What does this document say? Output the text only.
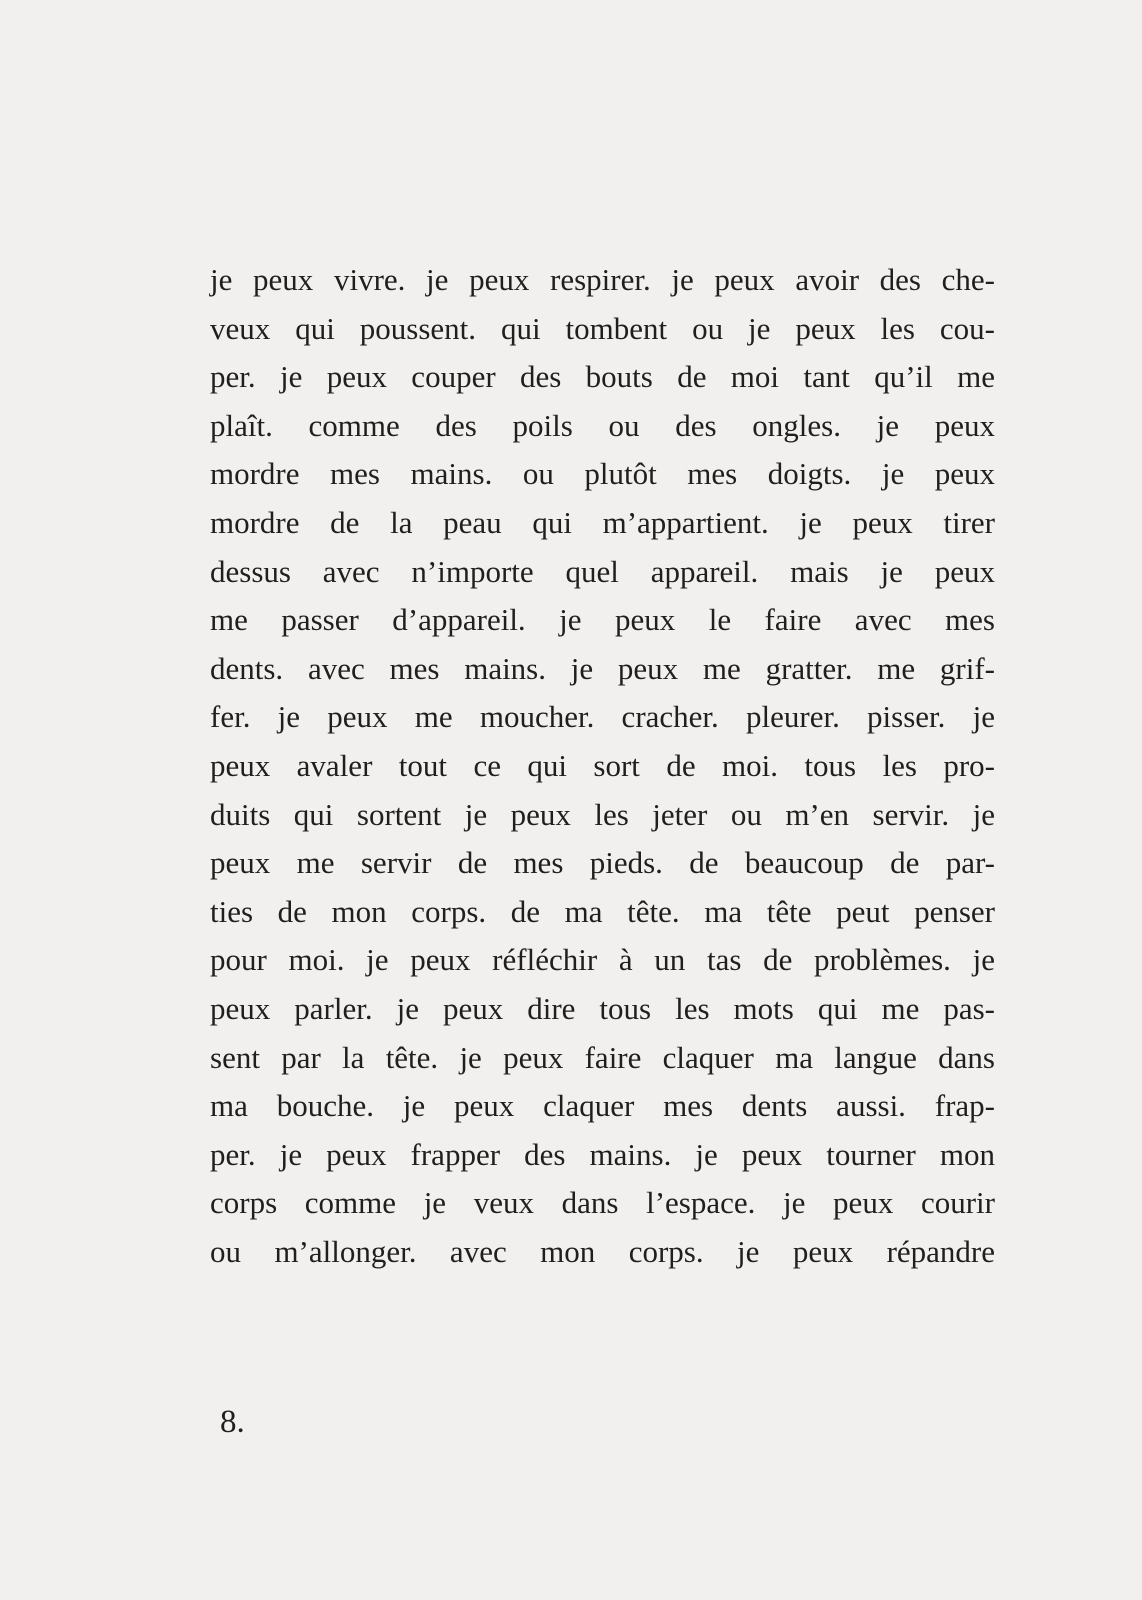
je peux vivre. je peux respirer. je peux avoir des che-
veux qui poussent. qui tombent ou je peux les cou-
per. je peux couper des bouts de moi tant qu’il me
plaît. comme des poils ou des ongles. je peux
mordre mes mains. ou plutôt mes doigts. je peux
mordre de la peau qui m’appartient. je peux tirer
dessus avec n’importe quel appareil. mais je peux
me passer d’appareil. je peux le faire avec mes
dents. avec mes mains. je peux me gratter. me grif-
fer. je peux me moucher. cracher. pleurer. pisser. je
peux avaler tout ce qui sort de moi. tous les pro-
duits qui sortent je peux les jeter ou m’en servir. je
peux me servir de mes pieds. de beaucoup de par-
ties de mon corps. de ma tête. ma tête peut penser
pour moi. je peux réfléchir à un tas de problèmes. je
peux parler. je peux dire tous les mots qui me pas-
sent par la tête. je peux faire claquer ma langue dans
ma bouche. je peux claquer mes dents aussi. frap-
per. je peux frapper des mains. je peux tourner mon
corps comme je veux dans l’espace. je peux courir
ou m’allonger. avec mon corps. je peux répandre
8.
